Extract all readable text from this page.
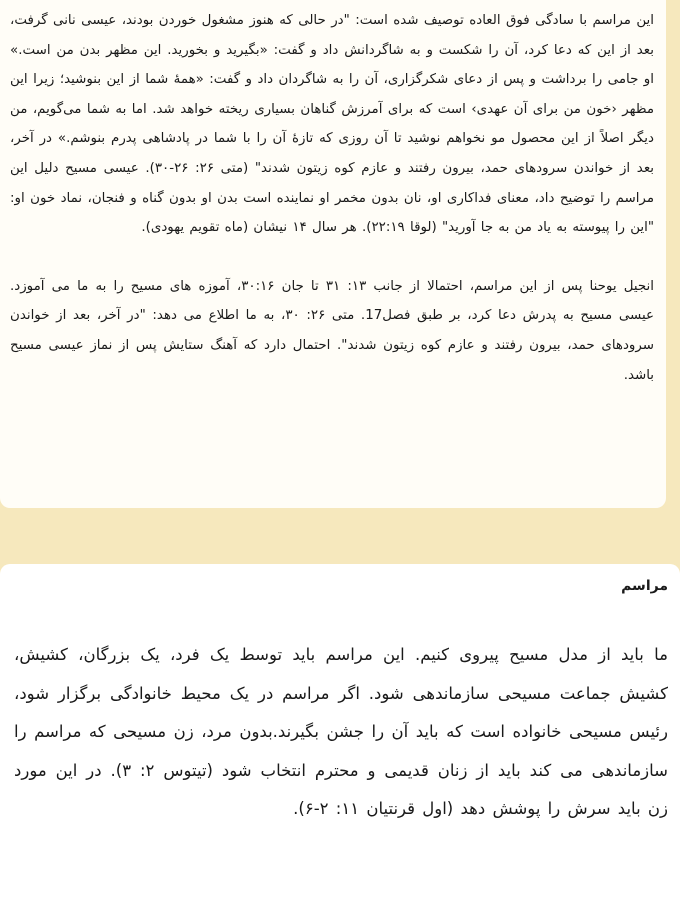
این مراسم با سادگی فوق العاده توصیف شده است: "در حالی که هنوز مشغول خوردن بودند، عیسی نانی گرفت، بعد از این که دعا کرد، آن را شکست و به شاگردانش داد و گفت: «بگیرید و بخورید. این مظهر بدن من است.» او جامی را برداشت و پس از دعای شکرگزاری، آن را به شاگردان داد و گفت: «همهٔ شما از این بنوشید؛ زیرا این مظهر ‹خون من برای آن عهدی› است که برای آمرزش گناهان بسیاری ریخته خواهد شد. اما به شما می‌گویم، من دیگر اصلاً از این محصول مو نخواهم نوشید تا آن روزی که تازهٔ آن را با شما در پادشاهی پدرم بنوشم.» در آخر، بعد از خواندن سرودهای حمد، بیرون رفتند و عازم کوه زیتون شدند" (متی ۲۶: ۲۶-۳۰). عیسی مسیح دلیل این مراسم را توضیح داد، معنای فداکاری او، نان بدون مخمر او نماینده است بدن او بدون گناه و فنجان، نماد خون او: "این را پیوسته به یاد من به جا آورید" (لوقا ۲۲:۱۹). هر سال ۱۴ نیشان (ماه تقویم یهودی).

انجیل یوحنا پس از این مراسم، احتمالا از جانب ۱۳: ۳۱ تا جان ۳۰:۱۶، آموزه های مسیح را به ما می آموزد. عیسی مسیح به پدرش دعا کرد، بر طبق فصل17. متی ۲۶: ۳۰، به ما اطلاع می دهد: "در آخر، بعد از خواندن سرودهای حمد، بیرون رفتند و عازم کوه زیتون شدند". احتمال دارد که آهنگ ستایش پس از نماز عیسی مسیح باشد.

مراسم

ما باید از مدل مسیح پیروی کنیم. این مراسم باید توسط یک فرد، یک بزرگان، کشیش، کشیش جماعت مسیحی سازماندهی شود. اگر مراسم در یک محیط خانوادگی برگزار شود، رئیس مسیحی خانواده است که باید آن را جشن بگیرند.بدون مرد، زن مسیحی که مراسم را سازماندهی می کند باید از زنان قدیمی و محترم انتخاب شود (تیتوس ۲: ۳). در این مورد زن باید سرش را پوشش دهد (اول قرنتیان ۱۱: ۲-۶).
